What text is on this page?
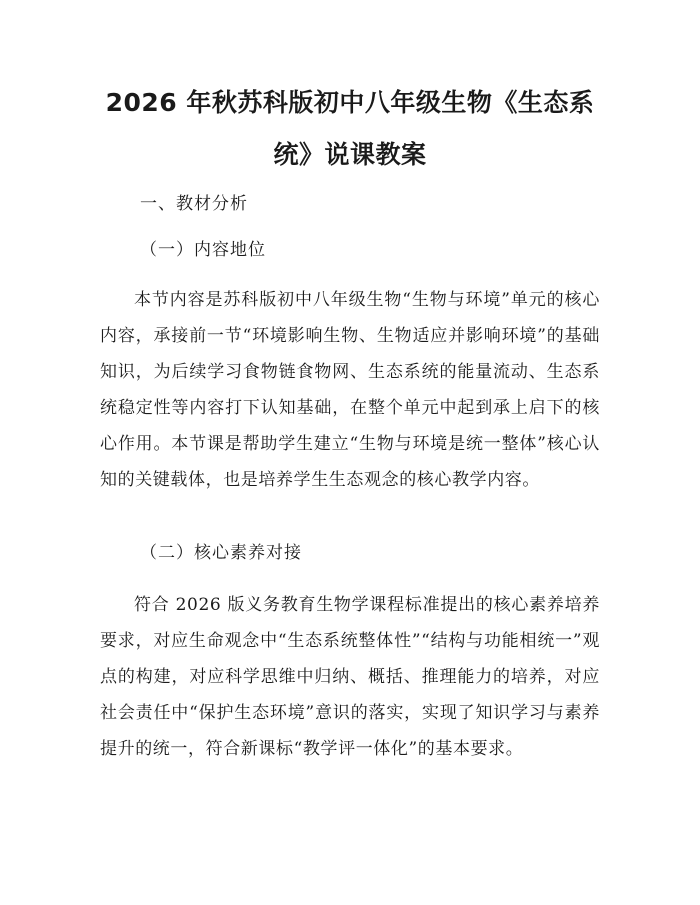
2026 年秋苏科版初中八年级生物《生态系统》说课教案

一、教材分析

（一）内容地位

本节内容是苏科版初中八年级生物“生物与环境”单元的核心内容，承接前一节“环境影响生物、生物适应并影响环境”的基础知识，为后续学习食物链食物网、生态系统的能量流动、生态系统稳定性等内容打下认知基础，在整个单元中起到承上启下的核心作用。本节课是帮助学生建立“生物与环境是统一整体”核心认知的关键载体，也是培养学生生态观念的核心教学内容。

（二）核心素养对接

符合 2026 版义务教育生物学课程标准提出的核心素养培养要求，对应生命观念中“生态系统整体性”“结构与功能相统一”观点的构建，对应科学思维中归纳、概括、推理能力的培养，对应社会责任中“保护生态环境”意识的落实，实现了知识学习与素养提升的统一，符合新课标“教学评一体化”的基本要求。
